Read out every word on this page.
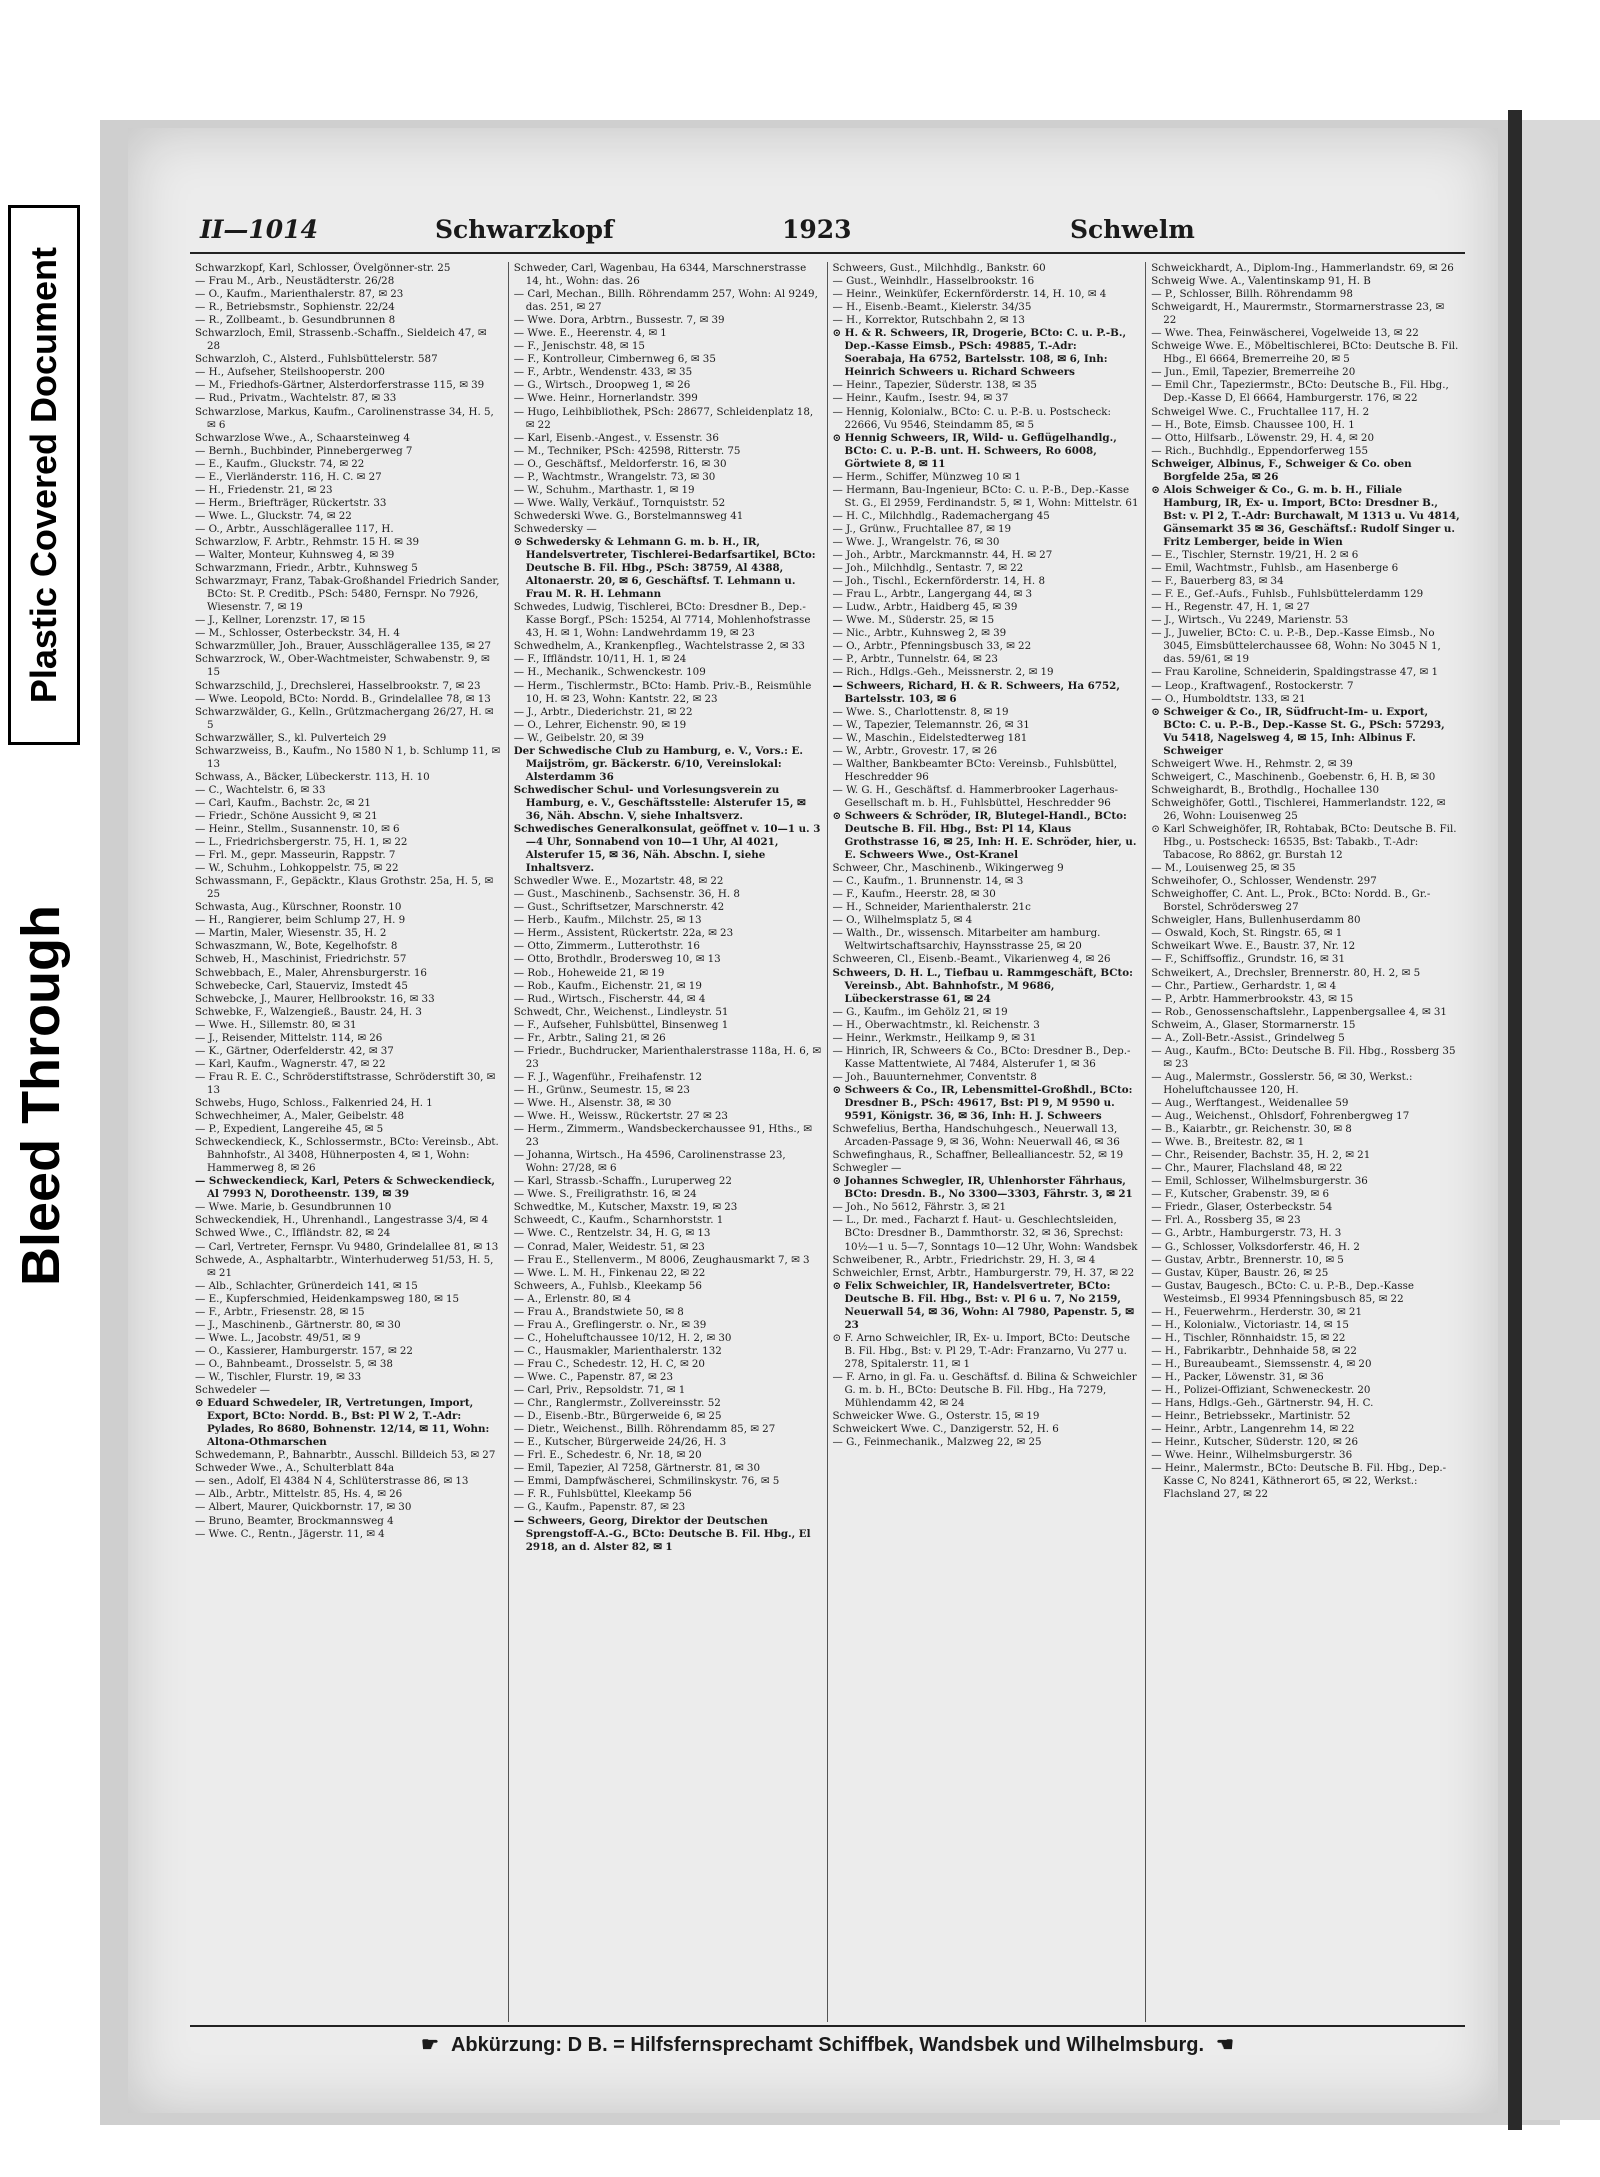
Plastic Covered Document
Bleed Through
II—1014	Schwarzkopf	1923	Schwelm

Schwarzkopf, Karl, Schlosser, Övelgönner-str. 25

— Frau M., Arb., Neustädterstr. 26/28

— O., Kaufm., Marienthalerstr. 87, ✉ 23

— R., Betriebsmstr., Sophienstr. 22/24

— R., Zollbeamt., b. Gesundbrunnen 8

Schwarzloch, Emil, Strassenb.-Schaffn., Sieldeich 47, ✉ 28

Schwarzloh, C., Alsterd., Fuhlsbüttelerstr. 587

— H., Aufseher, Steilshooperstr. 200

— M., Friedhofs-Gärtner, Alsterdorferstrasse 115, ✉ 39

— Rud., Privatm., Wachtelstr. 87, ✉ 33

Schwarzlose, Markus, Kaufm., Carolinenstrasse 34, H. 5, ✉ 6

Schwarzlose Wwe., A., Schaarsteinweg 4

— Bernh., Buchbinder, Pinnebergerweg 7

— E., Kaufm., Gluckstr. 74, ✉ 22

— E., Vierländerstr. 116, H. C. ✉ 27

— H., Friedenstr. 21, ✉ 23

— Herm., Briefträger, Rückertstr. 33

— Wwe. L., Gluckstr. 74, ✉ 22

— O., Arbtr., Ausschlägerallee 117, H.

Schwarzlow, F. Arbtr., Rehmstr. 15 H. ✉ 39

— Walter, Monteur, Kuhnsweg 4, ✉ 39

Schwarzmann, Friedr., Arbtr., Kuhnsweg 5

Schwarzmayr, Franz, Tabak-Großhandel Friedrich Sander, BCto: St. P. Creditb., PSch: 5480, Fernspr. No 7926, Wiesenstr. 7, ✉ 19

— J., Kellner, Lorenzstr. 17, ✉ 15

— M., Schlosser, Osterbeckstr. 34, H. 4

Schwarzmüller, Joh., Brauer, Ausschlägerallee 135, ✉ 27

Schwarzrock, W., Ober-Wachtmeister, Schwabenstr. 9, ✉ 15

Schwarzschild, J., Drechslerei, Hasselbrookstr. 7, ✉ 23

— Wwe. Leopold, BCto: Nordd. B., Grindelallee 78, ✉ 13

Schwarzwälder, G., Kelln., Grützmachergang 26/27, H. ✉ 5

Schwarzwäller, S., kl. Pulverteich 29

Schwarzweiss, B., Kaufm., No 1580 N 1, b. Schlump 11, ✉ 13

Schwass, A., Bäcker, Lübeckerstr. 113, H. 10

— C., Wachtelstr. 6, ✉ 33

— Carl, Kaufm., Bachstr. 2c, ✉ 21

— Friedr., Schöne Aussicht 9, ✉ 21

— Heinr., Stellm., Susannenstr. 10, ✉ 6

— L., Friedrichsbergerstr. 75, H. 1, ✉ 22

— Frl. M., gepr. Masseurin, Rappstr. 7

— W., Schuhm., Lohkoppelstr. 75, ✉ 22

Schwassmann, F., Gepäcktr., Klaus Grothstr. 25a, H. 5, ✉ 25

Schwasta, Aug., Kürschner, Roonstr. 10

— H., Rangierer, beim Schlump 27, H. 9

— Martin, Maler, Wiesenstr. 35, H. 2

Schwaszmann, W., Bote, Kegelhofstr. 8

Schweb, H., Maschinist, Friedrichstr. 57

Schwebbach, E., Maler, Ahrensburgerstr. 16

Schwebecke, Carl, Stauerviz, Imstedt 45

Schwebcke, J., Maurer, Hellbrookstr. 16, ✉ 33

Schwebke, F., Walzengieß., Baustr. 24, H. 3

— Wwe. H., Sillemstr. 80, ✉ 31

— J., Reisender, Mittelstr. 114, ✉ 26

— K., Gärtner, Oderfelderstr. 42, ✉ 37

— Karl, Kaufm., Wagnerstr. 47, ✉ 22

— Frau R. E. C., Schröderstiftstrasse, Schröderstift 30, ✉ 13

Schwebs, Hugo, Schloss., Falkenried 24, H. 1

Schwechheimer, A., Maler, Geibelstr. 48

— P., Expedient, Langereihe 45, ✉ 5

Schweckendieck, K., Schlossermstr., BCto: Vereinsb., Abt. Bahnhofstr., Al 3408, Hühnerposten 4, ✉ 1, Wohn: Hammerweg 8, ✉ 26

— Schweckendieck, Karl, Peters & Schweckendieck, Al 7993 N, Dorotheenstr. 139, ✉ 39

— Wwe. Marie, b. Gesundbrunnen 10

Schweckendiek, H., Uhrenhandl., Langestrasse 3/4, ✉ 4

Schwed Wwe., C., Iffländstr. 82, ✉ 24

— Carl, Vertreter, Fernspr. Vu 9480, Grindelallee 81, ✉ 13

Schwede, A., Asphaltarbtr., Winterhuderweg 51/53, H. 5, ✉ 21

— Alb., Schlachter, Grünerdeich 141, ✉ 15

— E., Kupferschmied, Heidenkampsweg 180, ✉ 15

— F., Arbtr., Friesenstr. 28, ✉ 15

— J., Maschinenb., Gärtnerstr. 80, ✉ 30

— Wwe. L., Jacobstr. 49/51, ✉ 9

— O., Kassierer, Hamburgerstr. 157, ✉ 22

— O., Bahnbeamt., Drosselstr. 5, ✉ 38

— W., Tischler, Flurstr. 19, ✉ 33

Schwedeler —

⊙ Eduard Schwedeler, IR, Vertretungen, Import, Export, BCto: Nordd. B., Bst: Pl W 2, T.-Adr: Pylades, Ro 8680, Bohnenstr. 12/14, ✉ 11, Wohn: Altona-Othmarschen

Schwedemann, P., Bahnarbtr., Ausschl. Billdeich 53, ✉ 27

Schweder Wwe., A., Schulterblatt 84a

— sen., Adolf, El 4384 N 4, Schlüterstrasse 86, ✉ 13

— Alb., Arbtr., Mittelstr. 85, Hs. 4, ✉ 26

— Albert, Maurer, Quickbornstr. 17, ✉ 30

— Bruno, Beamter, Brockmannsweg 4

— Wwe. C., Rentn., Jägerstr. 11, ✉ 4

Schweder, Carl, Wagenbau, Ha 6344, Marschnerstrasse 14, ht., Wohn: das. 26

— Carl, Mechan., Billh. Röhrendamm 257, Wohn: Al 9249, das. 251, ✉ 27

— Wwe. Dora, Arbtrn., Bussestr. 7, ✉ 39

— Wwe. E., Heerenstr. 4, ✉ 1

— F., Jenischstr. 48, ✉ 15

— F., Kontrolleur, Cimbernweg 6, ✉ 35

— F., Arbtr., Wendenstr. 433, ✉ 35

— G., Wirtsch., Droopweg 1, ✉ 26

— Wwe. Heinr., Hornerlandstr. 399

— Hugo, Leihbibliothek, PSch: 28677, Schleidenplatz 18, ✉ 22

— Karl, Eisenb.-Angest., v. Essenstr. 36

— M., Techniker, PSch: 42598, Ritterstr. 75

— O., Geschäftsf., Meldorferstr. 16, ✉ 30

— P., Wachtmstr., Wrangelstr. 73, ✉ 30

— W., Schuhm., Marthastr. 1, ✉ 19

— Wwe. Wally, Verkäuf., Tornquiststr. 52

Schwederski Wwe. G., Borstelmannsweg 41

Schwedersky —

⊙ Schwedersky & Lehmann G. m. b. H., IR, Handelsvertreter, Tischlerei-Bedarfsartikel, BCto: Deutsche B. Fil. Hbg., PSch: 38759, Al 4388, Altonaerstr. 20, ✉ 6, Geschäftsf. T. Lehmann u. Frau M. R. H. Lehmann

Schwedes, Ludwig, Tischlerei, BCto: Dresdner B., Dep.-Kasse Borgf., PSch: 15254, Al 7714, Mohlenhofstrasse 43, H. ✉ 1, Wohn: Landwehrdamm 19, ✉ 23

Schwedhelm, A., Krankenpfleg., Wachtelstrasse 2, ✉ 33

— F., Iffländstr. 10/11, H. 1, ✉ 24

— H., Mechanik., Schwenckestr. 109

— Herm., Tischlermstr., BCto: Hamb. Priv.-B., Reismühle 10, H. ✉ 23, Wohn: Kantstr. 22, ✉ 23

— J., Arbtr., Diederichstr. 21, ✉ 22

— O., Lehrer, Eichenstr. 90, ✉ 19

— W., Geibelstr. 20, ✉ 39

Der Schwedische Club zu Hamburg, e. V., Vors.: E. Maijström, gr. Bäckerstr. 6/10, Vereinslokal: Alsterdamm 36

Schwedischer Schul- und Vorlesungsverein zu Hamburg, e. V., Geschäftsstelle: Alsterufer 15, ✉ 36, Näh. Abschn. V, siehe Inhaltsverz.

Schwedisches Generalkonsulat, geöffnet v. 10—1 u. 3—4 Uhr, Sonnabend von 10—1 Uhr, Al 4021, Alsterufer 15, ✉ 36, Näh. Abschn. I, siehe Inhaltsverz.

Schwedler Wwe. E., Mozartstr. 48, ✉ 22

— Gust., Maschinenb., Sachsenstr. 36, H. 8

— Gust., Schriftsetzer, Marschnerstr. 42

— Herb., Kaufm., Milchstr. 25, ✉ 13

— Herm., Assistent, Rückertstr. 22a, ✉ 23

— Otto, Zimmerm., Lutterothstr. 16

— Otto, Brothdlr., Brodersweg 10, ✉ 13

— Rob., Hoheweide 21, ✉ 19

— Rob., Kaufm., Eichenstr. 21, ✉ 19

— Rud., Wirtsch., Fischerstr. 44, ✉ 4

Schwedt, Chr., Weichenst., Lindleystr. 51

— F., Aufseher, Fuhlsbüttel, Binsenweg 1

— Fr., Arbtr., Saling 21, ✉ 26

— Friedr., Buchdrucker, Marienthalerstrasse 118a, H. 6, ✉ 23

— F. J., Wagenführ., Freihafenstr. 12

— H., Grünw., Seumestr. 15, ✉ 23

— Wwe. H., Alsenstr. 38, ✉ 30

— Wwe. H., Weissw., Rückertstr. 27 ✉ 23

— Herm., Zimmerm., Wandsbeckerchaussee 91, Hths., ✉ 23

— Johanna, Wirtsch., Ha 4596, Carolinenstrasse 23, Wohn: 27/28, ✉ 6

— Karl, Strassb.-Schaffn., Luruperweg 22

— Wwe. S., Freiligrathstr. 16, ✉ 24

Schwedtke, M., Kutscher, Maxstr. 19, ✉ 23

Schweedt, C., Kaufm., Scharnhorststr. 1

— Wwe. C., Rentzelstr. 34, H. G, ✉ 13

— Conrad, Maler, Weidestr. 51, ✉ 23

— Frau E., Stellenverm., M 8006, Zeughausmarkt 7, ✉ 3

— Wwe. L. M. H., Finkenau 22, ✉ 22

Schweers, A., Fuhlsb., Kleekamp 56

— A., Erlenstr. 80, ✉ 4

— Frau A., Brandstwiete 50, ✉ 8

— Frau A., Greflingerstr. o. Nr., ✉ 39

— C., Hoheluftchaussee 10/12, H. 2, ✉ 30

— C., Hausmakler, Marienthalerstr. 132

— Frau C., Schedestr. 12, H. C, ✉ 20

— Wwe. C., Papenstr. 87, ✉ 23

— Carl, Priv., Repsoldstr. 71, ✉ 1

— Chr., Ranglermstr., Zollvereinsstr. 52

— D., Eisenb.-Btr., Bürgerweide 6, ✉ 25

— Dietr., Weichenst., Billh. Röhrendamm 85, ✉ 27

— E., Kutscher, Bürgerweide 24/26, H. 3

— Frl. E., Schedestr. 6, Nr. 18, ✉ 20

— Emil, Tapezier, Al 7258, Gärtnerstr. 81, ✉ 30

— Emmi, Dampfwäscherei, Schmilinskystr. 76, ✉ 5

— F. R., Fuhlsbüttel, Kleekamp 56

— G., Kaufm., Papenstr. 87, ✉ 23

— Schweers, Georg, Direktor der Deutschen Sprengstoff-A.-G., BCto: Deutsche B. Fil. Hbg., El 2918, an d. Alster 82, ✉ 1

Schweers, Gust., Milchhdlg., Bankstr. 60

— Gust., Weinhdlr., Hasselbrookstr. 16

— Heinr., Weinküfer, Eckernförderstr. 14, H. 10, ✉ 4

— H., Eisenb.-Beamt., Kielerstr. 34/35

— H., Korrektor, Rutschbahn 2, ✉ 13

⊙ H. & R. Schweers, IR, Drogerie, BCto: C. u. P.-B., Dep.-Kasse Eimsb., PSch: 49885, T.-Adr: Soerabaja, Ha 6752, Bartelsstr. 108, ✉ 6, Inh: Heinrich Schweers u. Richard Schweers

— Heinr., Tapezier, Süderstr. 138, ✉ 35

— Heinr., Kaufm., Isestr. 94, ✉ 37

— Hennig, Kolonialw., BCto: C. u. P.-B. u. Postscheck: 22666, Vu 9546, Steindamm 85, ✉ 5

⊙ Hennig Schweers, IR, Wild- u. Geflügelhandlg., BCto: C. u. P.-B. unt. H. Schweers, Ro 6008, Görtwiete 8, ✉ 11

— Herm., Schiffer, Münzweg 10 ✉ 1

— Hermann, Bau-Ingenieur, BCto: C. u. P.-B., Dep.-Kasse St. G., El 2959, Ferdinandstr. 5, ✉ 1, Wohn: Mittelstr. 61

— H. C., Milchhdlg., Rademachergang 45

— J., Grünw., Fruchtallee 87, ✉ 19

— Wwe. J., Wrangelstr. 76, ✉ 30

— Joh., Arbtr., Marckmannstr. 44, H. ✉ 27

— Joh., Milchhdlg., Sentastr. 7, ✉ 22

— Joh., Tischl., Eckernförderstr. 14, H. 8

— Frau L., Arbtr., Langergang 44, ✉ 3

— Ludw., Arbtr., Haidberg 45, ✉ 39

— Wwe. M., Süderstr. 25, ✉ 15

— Nic., Arbtr., Kuhnsweg 2, ✉ 39

— O., Arbtr., Pfenningsbusch 33, ✉ 22

— P., Arbtr., Tunnelstr. 64, ✉ 23

— Rich., Hdlgs.-Geh., Meissnerstr. 2, ✉ 19

— Schweers, Richard, H. & R. Schweers, Ha 6752, Bartelsstr. 103, ✉ 6

— Wwe. S., Charlottenstr. 8, ✉ 19

— W., Tapezier, Telemannstr. 26, ✉ 31

— W., Maschin., Eidelstedterweg 181

— W., Arbtr., Grovestr. 17, ✉ 26

— Walther, Bankbeamter BCto: Vereinsb., Fuhlsbüttel, Heschredder 96

— W. G. H., Geschäftsf. d. Hammerbrooker Lagerhaus-Gesellschaft m. b. H., Fuhlsbüttel, Heschredder 96

⊙ Schweers & Schröder, IR, Blutegel-Handl., BCto: Deutsche B. Fil. Hbg., Bst: Pl 14, Klaus Grothstrasse 16, ✉ 25, Inh: H. E. Schröder, hier, u. E. Schweers Wwe., Ost-Kranel

Schweer, Chr., Maschinenb., Wikingerweg 9

— C., Kaufm., 1. Brunnenstr. 14, ✉ 3

— F., Kaufm., Heerstr. 28, ✉ 30

— H., Schneider, Marienthalerstr. 21c

— O., Wilhelmsplatz 5, ✉ 4

— Walth., Dr., wissensch. Mitarbeiter am hamburg. Weltwirtschaftsarchiv, Haynsstrasse 25, ✉ 20

Schweeren, Cl., Eisenb.-Beamt., Vikarienweg 4, ✉ 26

Schweers, D. H. L., Tiefbau u. Rammgeschäft, BCto: Vereinsb., Abt. Bahnhofstr., M 9686, Lübeckerstrasse 61, ✉ 24

— G., Kaufm., im Gehölz 21, ✉ 19

— H., Oberwachtmstr., kl. Reichenstr. 3

— Heinr., Werkmstr., Heilkamp 9, ✉ 31

— Hinrich, IR, Schweers & Co., BCto: Dresdner B., Dep.-Kasse Mattentwiete, Al 7484, Alsterufer 1, ✉ 36

— Joh., Bauunternehmer, Conventstr. 8

⊙ Schweers & Co., IR, Lebensmittel-Großhdl., BCto: Dresdner B., PSch: 49617, Bst: Pl 9, M 9590 u. 9591, Königstr. 36, ✉ 36, Inh: H. J. Schweers

Schwefelius, Bertha, Handschuhgesch., Neuerwall 13, Arcaden-Passage 9, ✉ 36, Wohn: Neuerwall 46, ✉ 36

Schwefinghaus, R., Schaffner, Bellealliancestr. 52, ✉ 19

Schwegler —

⊙ Johannes Schwegler, IR, Uhlenhorster Fährhaus, BCto: Dresdn. B., No 3300—3303, Fährstr. 3, ✉ 21

— Joh., No 5612, Fährstr. 3, ✉ 21

— L., Dr. med., Facharzt f. Haut- u. Geschlechtsleiden, BCto: Dresdner B., Dammthorstr. 32, ✉ 36, Sprechst: 10½—1 u. 5—7, Sonntags 10—12 Uhr, Wohn: Wandsbek

Schweibener, R., Arbtr., Friedrichstr. 29, H. 3, ✉ 4

Schweichler, Ernst, Arbtr., Hamburgerstr. 79, H. 37, ✉ 22

⊙ Felix Schweichler, IR, Handelsvertreter, BCto: Deutsche B. Fil. Hbg., Bst: v. Pl 6 u. 7, No 2159, Neuerwall 54, ✉ 36, Wohn: Al 7980, Papenstr. 5, ✉ 23

⊙ F. Arno Schweichler, IR, Ex- u. Import, BCto: Deutsche B. Fil. Hbg., Bst: v. Pl 29, T.-Adr: Franzarno, Vu 277 u. 278, Spitalerstr. 11, ✉ 1

— F. Arno, in gl. Fa. u. Geschäftsf. d. Bilina & Schweichler G. m. b. H., BCto: Deutsche B. Fil. Hbg., Ha 7279, Mühlendamm 42, ✉ 24

Schweicker Wwe. G., Osterstr. 15, ✉ 19

Schweickert Wwe. C., Danzigerstr. 52, H. 6

— G., Feinmechanik., Malzweg 22, ✉ 25

Schweickhardt, A., Diplom-Ing., Hammerlandstr. 69, ✉ 26

Schweig Wwe. A., Valentinskamp 91, H. B

— P., Schlosser, Billh. Röhrendamm 98

Schweigardt, H., Maurermstr., Stormarnerstrasse 23, ✉ 22

— Wwe. Thea, Feinwäscherei, Vogelweide 13, ✉ 22

Schweige Wwe. E., Möbeltischlerei, BCto: Deutsche B. Fil. Hbg., El 6664, Bremerreihe 20, ✉ 5

— Jun., Emil, Tapezier, Bremerreihe 20

— Emil Chr., Tapeziermstr., BCto: Deutsche B., Fil. Hbg., Dep.-Kasse D, El 6664, Hamburgerstr. 176, ✉ 22

Schweigel Wwe. C., Fruchtallee 117, H. 2

— H., Bote, Eimsb. Chaussee 100, H. 1

— Otto, Hilfsarb., Löwenstr. 29, H. 4, ✉ 20

— Rich., Buchhdlg., Eppendorferweg 155

Schweiger, Albinus, F., Schweiger & Co. oben Borgfelde 25a, ✉ 26

⊙ Alois Schweiger & Co., G. m. b. H., Filiale Hamburg, IR, Ex- u. Import, BCto: Dresdner B., Bst: v. Pl 2, T.-Adr: Burchawalt, M 1313 u. Vu 4814, Gänsemarkt 35 ✉ 36, Geschäftsf.: Rudolf Singer u. Fritz Lemberger, beide in Wien

— E., Tischler, Sternstr. 19/21, H. 2 ✉ 6

— Emil, Wachtmstr., Fuhlsb., am Hasenberge 6

— F., Bauerberg 83, ✉ 34

— F. E., Gef.-Aufs., Fuhlsb., Fuhlsbüttelerdamm 129

— H., Regenstr. 47, H. 1, ✉ 27

— J., Wirtsch., Vu 2249, Marienstr. 53

— J., Juwelier, BCto: C. u. P.-B., Dep.-Kasse Eimsb., No 3045, Eimsbüttelerchaussee 68, Wohn: No 3045 N 1, das. 59/61, ✉ 19

— Frau Karoline, Schneiderin, Spaldingstrasse 47, ✉ 1

— Leop., Kraftwagenf., Rostockerstr. 7

— O., Humboldtstr. 133, ✉ 21

⊙ Schweiger & Co., IR, Südfrucht-Im- u. Export, BCto: C. u. P.-B., Dep.-Kasse St. G., PSch: 57293, Vu 5418, Nagelsweg 4, ✉ 15, Inh: Albinus F. Schweiger

Schweigert Wwe. H., Rehmstr. 2, ✉ 39

Schweigert, C., Maschinenb., Goebenstr. 6, H. B, ✉ 30

Schweighardt, B., Brothdlg., Hochallee 130

Schweighöfer, Gottl., Tischlerei, Hammerlandstr. 122, ✉ 26, Wohn: Louisenweg 25

⊙ Karl Schweighöfer, IR, Rohtabak, BCto: Deutsche B. Fil. Hbg., u. Postscheck: 16535, Bst: Tabakb., T.-Adr: Tabacose, Ro 8862, gr. Burstah 12

— M., Louisenweg 25, ✉ 35

Schweihofer, O., Schlosser, Wendenstr. 297

Schweighoffer, C. Ant. L., Prok., BCto: Nordd. B., Gr.-Borstel, Schrödersweg 27

Schweigler, Hans, Bullenhuserdamm 80

— Oswald, Koch, St. Ringstr. 65, ✉ 1

Schweikart Wwe. E., Baustr. 37, Nr. 12

— F., Schiffsoffiz., Grundstr. 16, ✉ 31

Schweikert, A., Drechsler, Brennerstr. 80, H. 2, ✉ 5

— Chr., Partiew., Gerhardstr. 1, ✉ 4

— P., Arbtr. Hammerbrookstr. 43, ✉ 15

— Rob., Genossenschaftslehr., Lappenbergsallee 4, ✉ 31

Schweim, A., Glaser, Stormarnerstr. 15

— A., Zoll-Betr.-Assist., Grindelweg 5

— Aug., Kaufm., BCto: Deutsche B. Fil. Hbg., Rossberg 35 ✉ 23

— Aug., Malermstr., Gosslerstr. 56, ✉ 30, Werkst.: Hoheluftchaussee 120, H.

— Aug., Werftangest., Weidenallee 59

— Aug., Weichenst., Ohlsdorf, Fohrenbergweg 17

— B., Kaiarbtr., gr. Reichenstr. 30, ✉ 8

— Wwe. B., Breitestr. 82, ✉ 1

— Chr., Reisender, Bachstr. 35, H. 2, ✉ 21

— Chr., Maurer, Flachsland 48, ✉ 22

— Emil, Schlosser, Wilhelmsburgerstr. 36

— F., Kutscher, Grabenstr. 39, ✉ 6

— Friedr., Glaser, Osterbeckstr. 54

— Frl. A., Rossberg 35, ✉ 23

— G., Arbtr., Hamburgerstr. 73, H. 3

— G., Schlosser, Volksdorferstr. 46, H. 2

— Gustav, Arbtr., Brennerstr. 10, ✉ 5

— Gustav, Küper, Baustr. 26, ✉ 25

— Gustav, Baugesch., BCto: C. u. P.-B., Dep.-Kasse Westeimsb., El 9934 Pfenningsbusch 85, ✉ 22

— H., Feuerwehrm., Herderstr. 30, ✉ 21

— H., Kolonialw., Victoriastr. 14, ✉ 15

— H., Tischler, Rönnhaidstr. 15, ✉ 22

— H., Fabrikarbtr., Dehnhaide 58, ✉ 22

— H., Bureaubeamt., Siemssenstr. 4, ✉ 20

— H., Packer, Löwenstr. 31, ✉ 36

— H., Polizei-Offiziant, Schweneckestr. 20

— Hans, Hdlgs.-Geh., Gärtnerstr. 94, H. C.

— Heinr., Betriebssekr., Martinistr. 52

— Heinr., Arbtr., Langenrehm 14, ✉ 22

— Heinr., Kutscher, Süderstr. 120, ✉ 26

— Wwe. Heinr., Wilhelmsburgerstr. 36

— Heinr., Malermstr., BCto: Deutsche B. Fil. Hbg., Dep.-Kasse C, No 8241, Käthnerort 65, ✉ 22, Werkst.: Flachsland 27, ✉ 22

☛ Abkürzung: D B. = Hilfsfernsprechamt Schiffbek, Wandsbek und Wilhelmsburg. ☚
